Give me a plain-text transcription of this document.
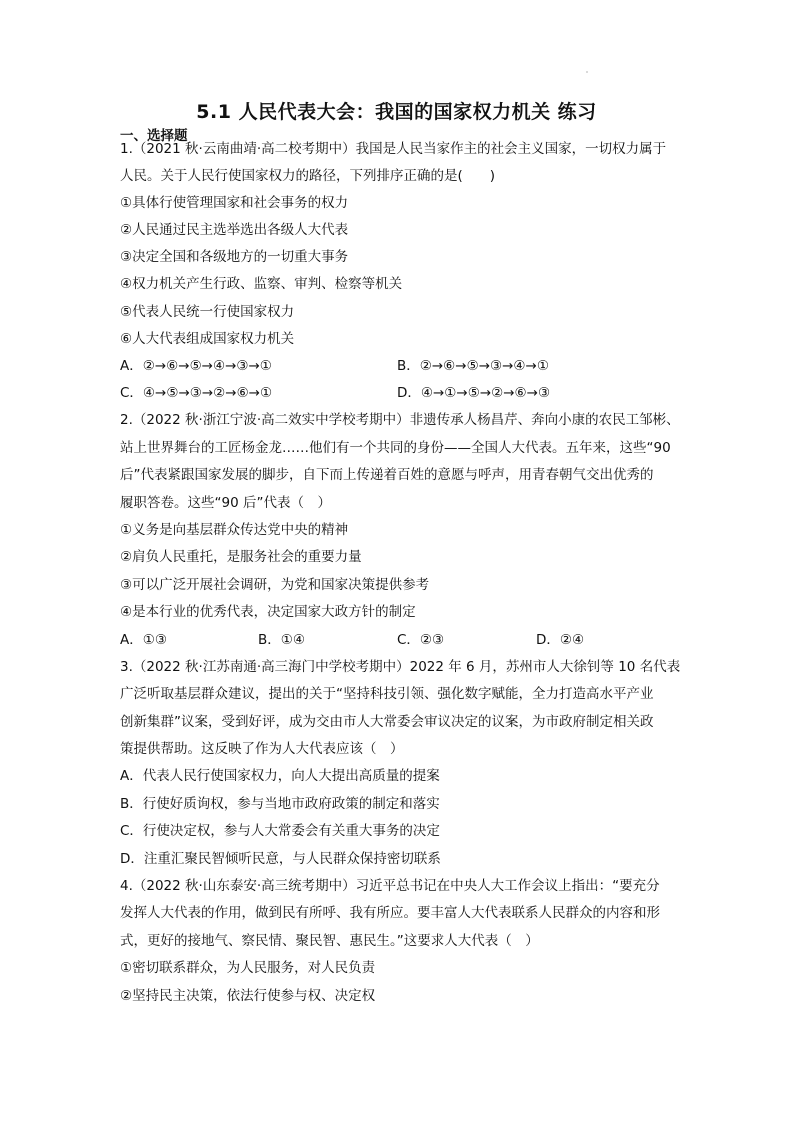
5.1 人民代表大会：我国的国家权力机关 练习
一、选择题
1.（2021 秋·云南曲靖·高二校考期中）我国是人民当家作主的社会主义国家，一切权力属于
人民。关于人民行使国家权力的路径，下列排序正确的是(　　)
①具体行使管理国家和社会事务的权力
②人民通过民主选举选出各级人大代表
③决定全国和各级地方的一切重大事务
④权力机关产生行政、监察、审判、检察等机关
⑤代表人民统一行使国家权力
⑥人大代表组成国家权力机关
A．②→⑥→⑤→④→③→①	B．②→⑥→⑤→③→④→①
C．④→⑤→③→②→⑥→①	D．④→①→⑤→②→⑥→③
2.（2022 秋·浙江宁波·高二效实中学校考期中）非遗传承人杨昌芹、奔向小康的农民工邹彬、
站上世界舞台的工匠杨金龙……他们有一个共同的身份——全国人大代表。五年来，这些“90
后”代表紧跟国家发展的脚步，自下而上传递着百姓的意愿与呼声，用青春朝气交出优秀的
履职答卷。这些“90 后”代表（　）
①义务是向基层群众传达党中央的精神
②肩负人民重托，是服务社会的重要力量
③可以广泛开展社会调研，为党和国家决策提供参考
④是本行业的优秀代表，决定国家大政方针的制定
A．①③	B．①④	C．②③	D．②④
3.（2022 秋·江苏南通·高三海门中学校考期中）2022 年 6 月，苏州市人大徐钊等 10 名代表
广泛听取基层群众建议，提出的关于“坚持科技引领、强化数字赋能，全力打造高水平产业
创新集群”议案，受到好评，成为交由市人大常委会审议决定的议案，为市政府制定相关政
策提供帮助。这反映了作为人大代表应该（　）
A．代表人民行使国家权力，向人大提出高质量的提案
B．行使好质询权，参与当地市政府政策的制定和落实
C．行使决定权，参与人大常委会有关重大事务的决定
D．注重汇聚民智倾听民意，与人民群众保持密切联系
4.（2022 秋·山东泰安·高三统考期中）习近平总书记在中央人大工作会议上指出：“要充分
发挥人大代表的作用，做到民有所呼、我有所应。要丰富人大代表联系人民群众的内容和形
式，更好的接地气、察民情、聚民智、惠民生。”这要求人大代表（　）
①密切联系群众，为人民服务，对人民负责
②坚持民主决策，依法行使参与权、决定权
